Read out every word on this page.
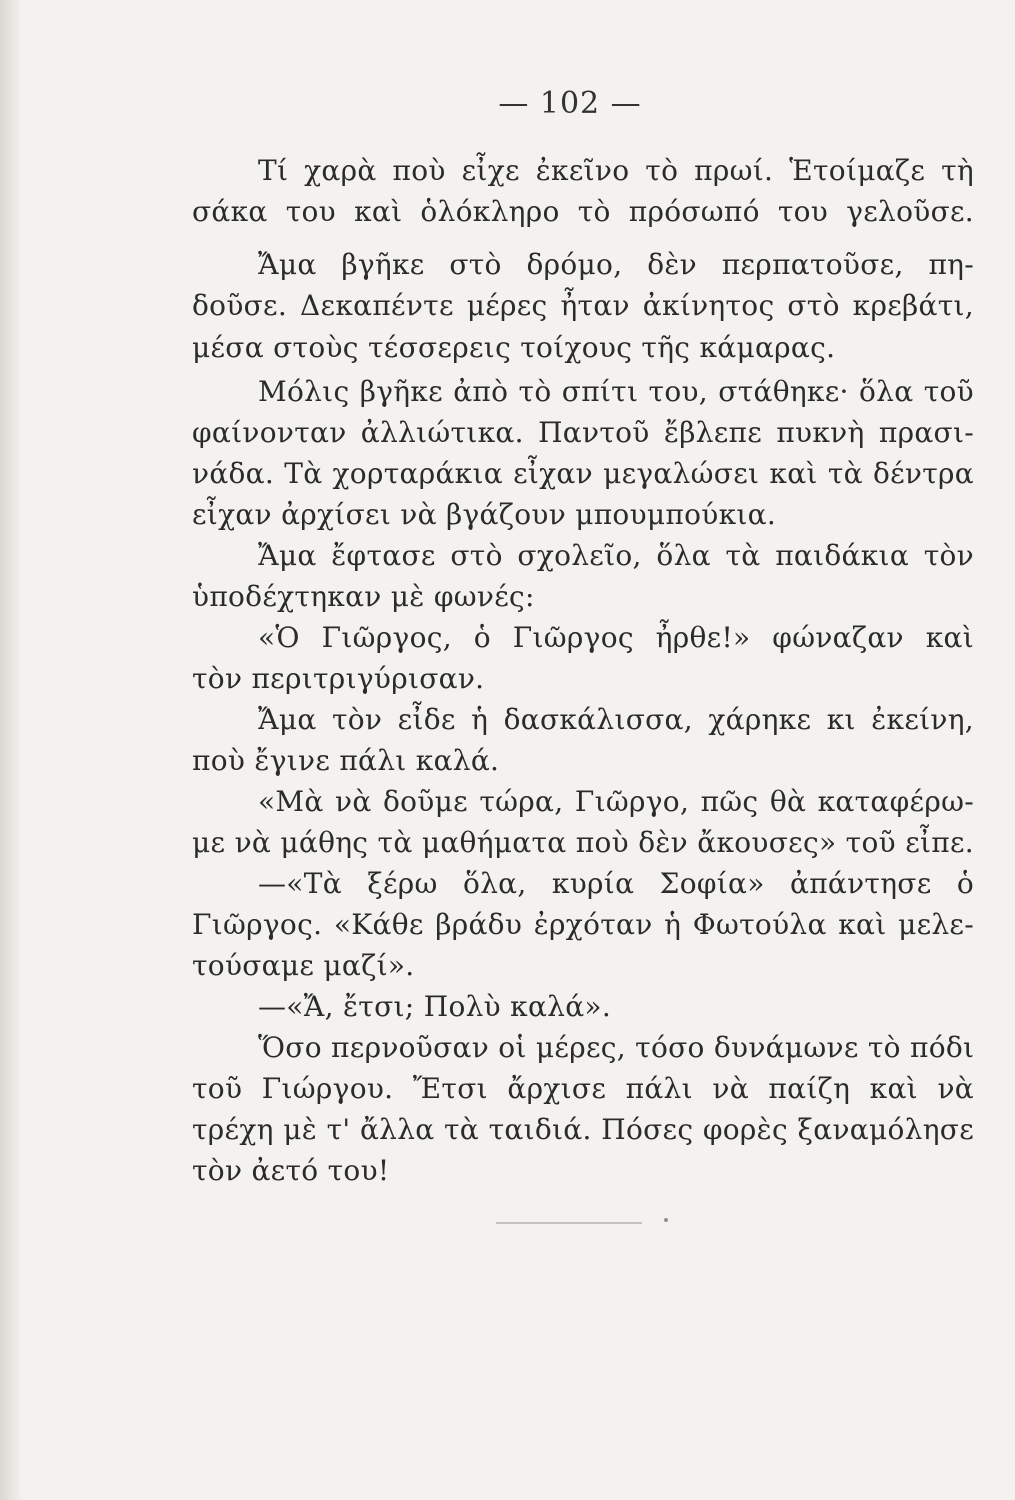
— 102 —
Τί χαρὰ ποὺ εἶχε ἐκεῖνο τὸ πρωί. Ἑτοίμαζε τὴ
σάκα του καὶ ὁλόκληρο τὸ πρόσωπό του γελοῦσε.
Ἄμα βγῆκε στὸ δρόμο, δὲν περπατοῦσε, πη-
δοῦσε. Δεκαπέντε μέρες ἦταν ἀκίνητος στὸ κρεβάτι,
μέσα στοὺς τέσσερεις τοίχους τῆς κάμαρας.
Μόλις βγῆκε ἀπὸ τὸ σπίτι του, στάθηκε· ὅλα τοῦ
φαίνονταν ἀλλιώτικα. Παντοῦ ἔβλεπε πυκνὴ πρασι-
νάδα. Τὰ χορταράκια εἶχαν μεγαλώσει καὶ τὰ δέντρα
εἶχαν ἀρχίσει νὰ βγάζουν μπουμπούκια.
Ἄμα ἔφτασε στὸ σχολεῖο, ὅλα τὰ παιδάκια τὸν
ὑποδέχτηκαν μὲ φωνές:
«Ὁ Γιῶργος, ὁ Γιῶργος ἦρθε!» φώναζαν καὶ
τὸν περιτριγύρισαν.
Ἄμα τὸν εἶδε ἡ δασκάλισσα, χάρηκε κι ἐκείνη,
ποὺ ἔγινε πάλι καλά.
«Μὰ νὰ δοῦμε τώρα, Γιῶργο, πῶς θὰ καταφέρω-
με νὰ μάθης τὰ μαθήματα ποὺ δὲν ἄκουσες» τοῦ εἶπε.
—«Τὰ ξέρω ὅλα, κυρία Σοφία» ἀπάντησε ὁ
Γιῶργος. «Κάθε βράδυ ἐρχόταν ἡ Φωτούλα καὶ μελε-
τούσαμε μαζί».
—«Ἄ, ἔτσι; Πολὺ καλά».
Ὅσο περνοῦσαν οἱ μέρες, τόσο δυνάμωνε τὸ πόδι
τοῦ Γιώργου. Ἔτσι ἄρχισε πάλι νὰ παίζη καὶ νὰ
τρέχη μὲ τ' ἄλλα τὰ ταιδιά. Πόσες φορὲς ξαναμόλησε
τὸν ἀετό του!
